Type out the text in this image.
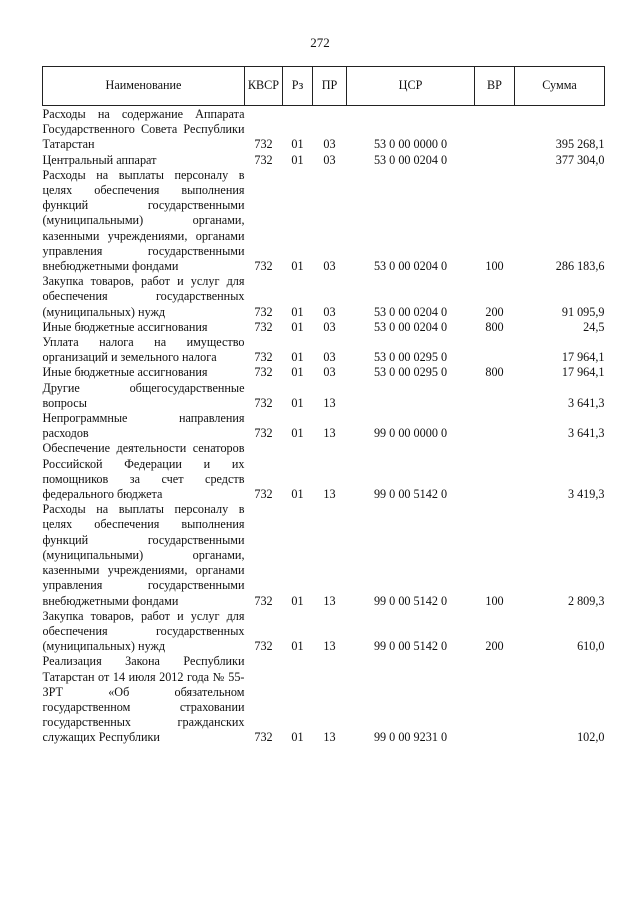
272
Наименование	КВСР	Рз	ПР	ЦСР	ВР	Сумма
Расходы на содержание Аппарата Государственного Совета Республики Татарстан	732	01	03	53 0 00 0000 0		395 268,1
Центральный аппарат	732	01	03	53 0 00 0204 0		377 304,0
Расходы на выплаты персоналу в целях обеспечения выполнения функций государственными (муниципальными) органами, казенными учреждениями, органами управления государственными внебюджетными фондами	732	01	03	53 0 00 0204 0	100	286 183,6
Закупка товаров, работ и услуг для обеспечения государственных (муниципальных) нужд	732	01	03	53 0 00 0204 0	200	91 095,9
Иные бюджетные ассигнования	732	01	03	53 0 00 0204 0	800	24,5
Уплата налога на имущество организаций и земельного налога	732	01	03	53 0 00 0295 0		17 964,1
Иные бюджетные ассигнования	732	01	03	53 0 00 0295 0	800	17 964,1
Другие общегосударственные вопросы	732	01	13			3 641,3
Непрограммные направления расходов	732	01	13	99 0 00 0000 0		3 641,3
Обеспечение деятельности сенаторов Российской Федерации и их помощников за счет средств федерального бюджета	732	01	13	99 0 00 5142 0		3 419,3
Расходы на выплаты персоналу в целях обеспечения выполнения функций государственными (муниципальными) органами, казенными учреждениями, органами управления государственными внебюджетными фондами	732	01	13	99 0 00 5142 0	100	2 809,3
Закупка товаров, работ и услуг для обеспечения государственных (муниципальных) нужд	732	01	13	99 0 00 5142 0	200	610,0
Реализация Закона Республики Татарстан от 14 июля 2012 года № 55-ЗРТ «Об обязательном государственном страховании государственных гражданских служащих Республики	732	01	13	99 0 00 9231 0		102,0
